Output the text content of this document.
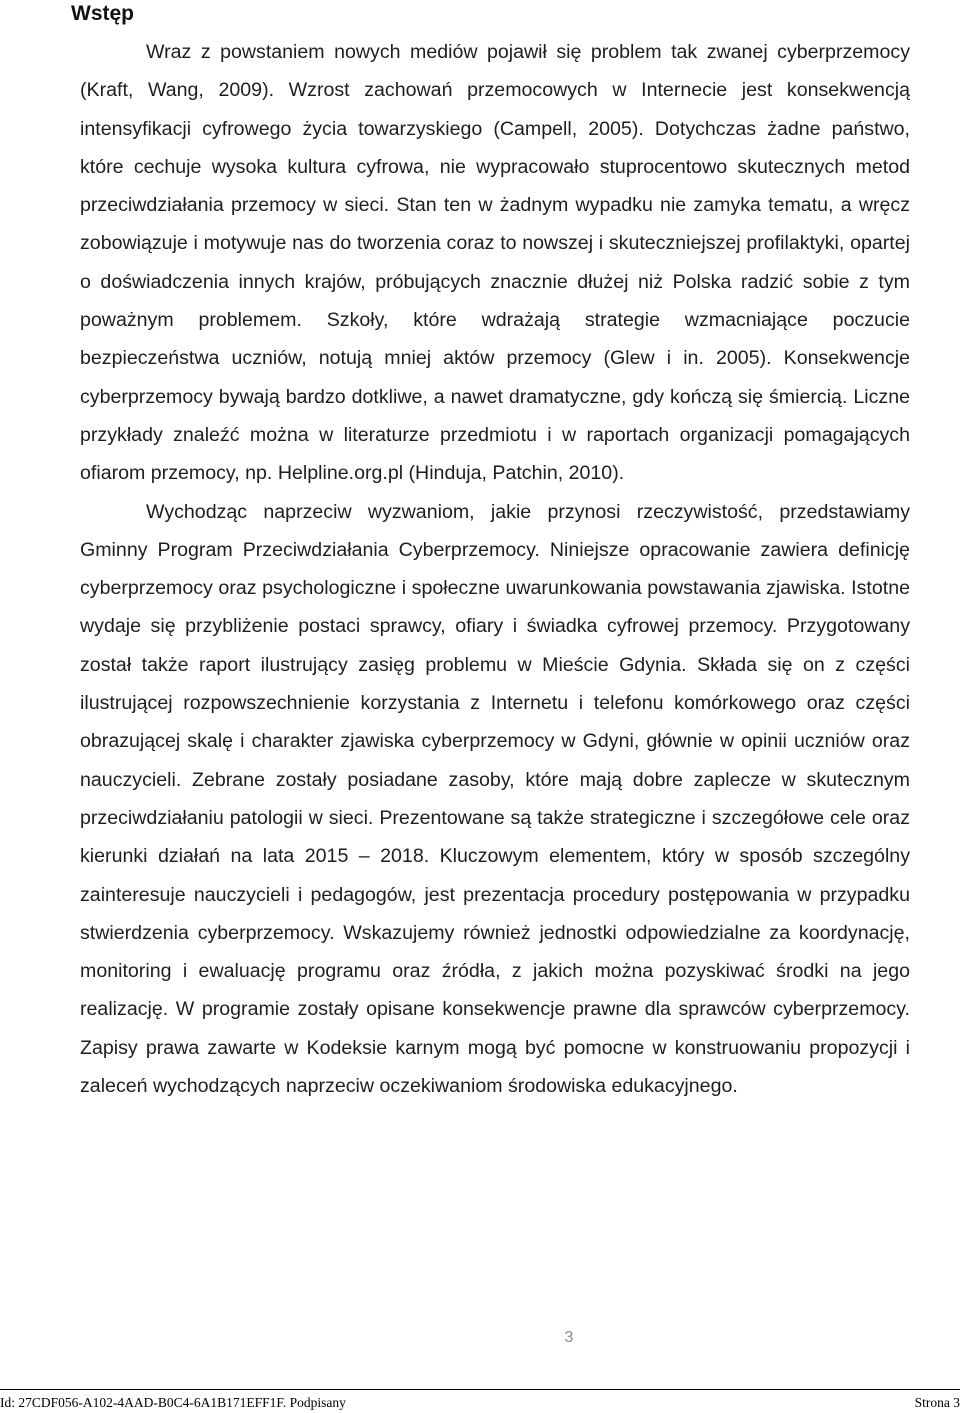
Wstęp

Wraz z powstaniem nowych mediów pojawił się problem tak zwanej cyberprzemocy (Kraft, Wang, 2009). Wzrost zachowań przemocowych w Internecie jest konsekwencją intensyfikacji cyfrowego życia towarzyskiego (Campell, 2005). Dotychczas żadne państwo, które cechuje wysoka kultura cyfrowa, nie wypracowało stuprocentowo skutecznych metod przeciwdziałania przemocy w sieci. Stan ten w żadnym wypadku nie zamyka tematu, a wręcz zobowiązuje i motywuje nas do tworzenia coraz to nowszej i skuteczniejszej profilaktyki, opartej o doświadczenia innych krajów, próbujących znacznie dłużej niż Polska radzić sobie z tym poważnym problemem. Szkoły, które wdrażają strategie wzmacniające poczucie bezpieczeństwa uczniów, notują mniej aktów przemocy (Glew i in. 2005). Konsekwencje cyberprzemocy bywają bardzo dotkliwe, a nawet dramatyczne, gdy kończą się śmiercią. Liczne przykłady znaleźć można w literaturze przedmiotu i w raportach organizacji pomagających ofiarom przemocy, np. Helpline.org.pl (Hinduja, Patchin, 2010).

Wychodząc naprzeciw wyzwaniom, jakie przynosi rzeczywistość, przedstawiamy Gminny Program Przeciwdziałania Cyberprzemocy. Niniejsze opracowanie zawiera definicję cyberprzemocy oraz psychologiczne i społeczne uwarunkowania powstawania zjawiska. Istotne wydaje się przybliżenie postaci sprawcy, ofiary i świadka cyfrowej przemocy. Przygotowany został także raport ilustrujący zasięg problemu w Mieście Gdynia. Składa się on z części ilustrującej rozpowszechnienie korzystania z Internetu i telefonu komórkowego oraz części obrazującej skalę i charakter zjawiska cyberprzemocy w Gdyni, głównie w opinii uczniów oraz nauczycieli. Zebrane zostały posiadane zasoby, które mają dobre zaplecze w skutecznym przeciwdziałaniu patologii w sieci. Prezentowane są także strategiczne i szczegółowe cele oraz kierunki działań na lata 2015 – 2018. Kluczowym elementem, który w sposób szczególny zainteresuje nauczycieli i pedagogów, jest prezentacja procedury postępowania w przypadku stwierdzenia cyberprzemocy. Wskazujemy również jednostki odpowiedzialne za koordynację, monitoring i ewaluację programu oraz źródła, z jakich można pozyskiwać środki na jego realizację. W programie zostały opisane konsekwencje prawne dla sprawców cyberprzemocy. Zapisy prawa zawarte w Kodeksie karnym mogą być pomocne w konstruowaniu propozycji i zaleceń wychodzących naprzeciw oczekiwaniom środowiska edukacyjnego.

3
Id: 27CDF056-A102-4AAD-B0C4-6A1B171EFF1F. Podpisany	Strona 3
